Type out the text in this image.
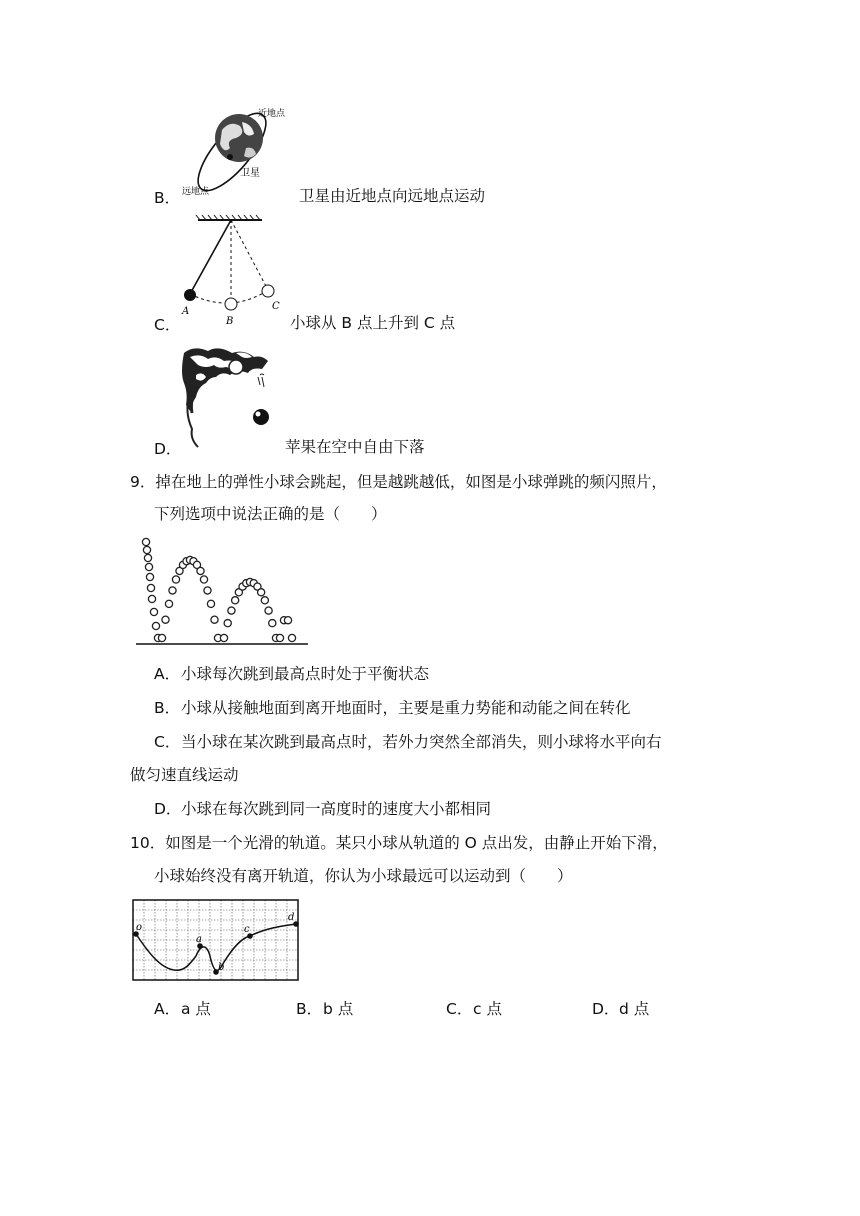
近地点
卫星
远地点
B．	卫星由近地点向远地点运动
A
B
C
C．	小球从 B 点上升到 C 点
D．	苹果在空中自由下落
9．掉在地上的弹性小球会跳起，但是越跳越低，如图是小球弹跳的频闪照片，
下列选项中说法正确的是（　　）
A． 小球每次跳到最高点时处于平衡状态
B． 小球从接触地面到离开地面时，主要是重力势能和动能之间在转化
C． 当小球在某次跳到最高点时，若外力突然全部消失，则小球将水平向右
做匀速直线运动
D． 小球在每次跳到同一高度时的速度大小都相同
10．如图是一个光滑的轨道。某只小球从轨道的 O 点出发，由静止开始下滑，
小球始终没有离开轨道，你认为小球最远可以运动到（　　）
o
a
b
c
d
A． a 点	B． b 点	C． c 点	D． d 点
